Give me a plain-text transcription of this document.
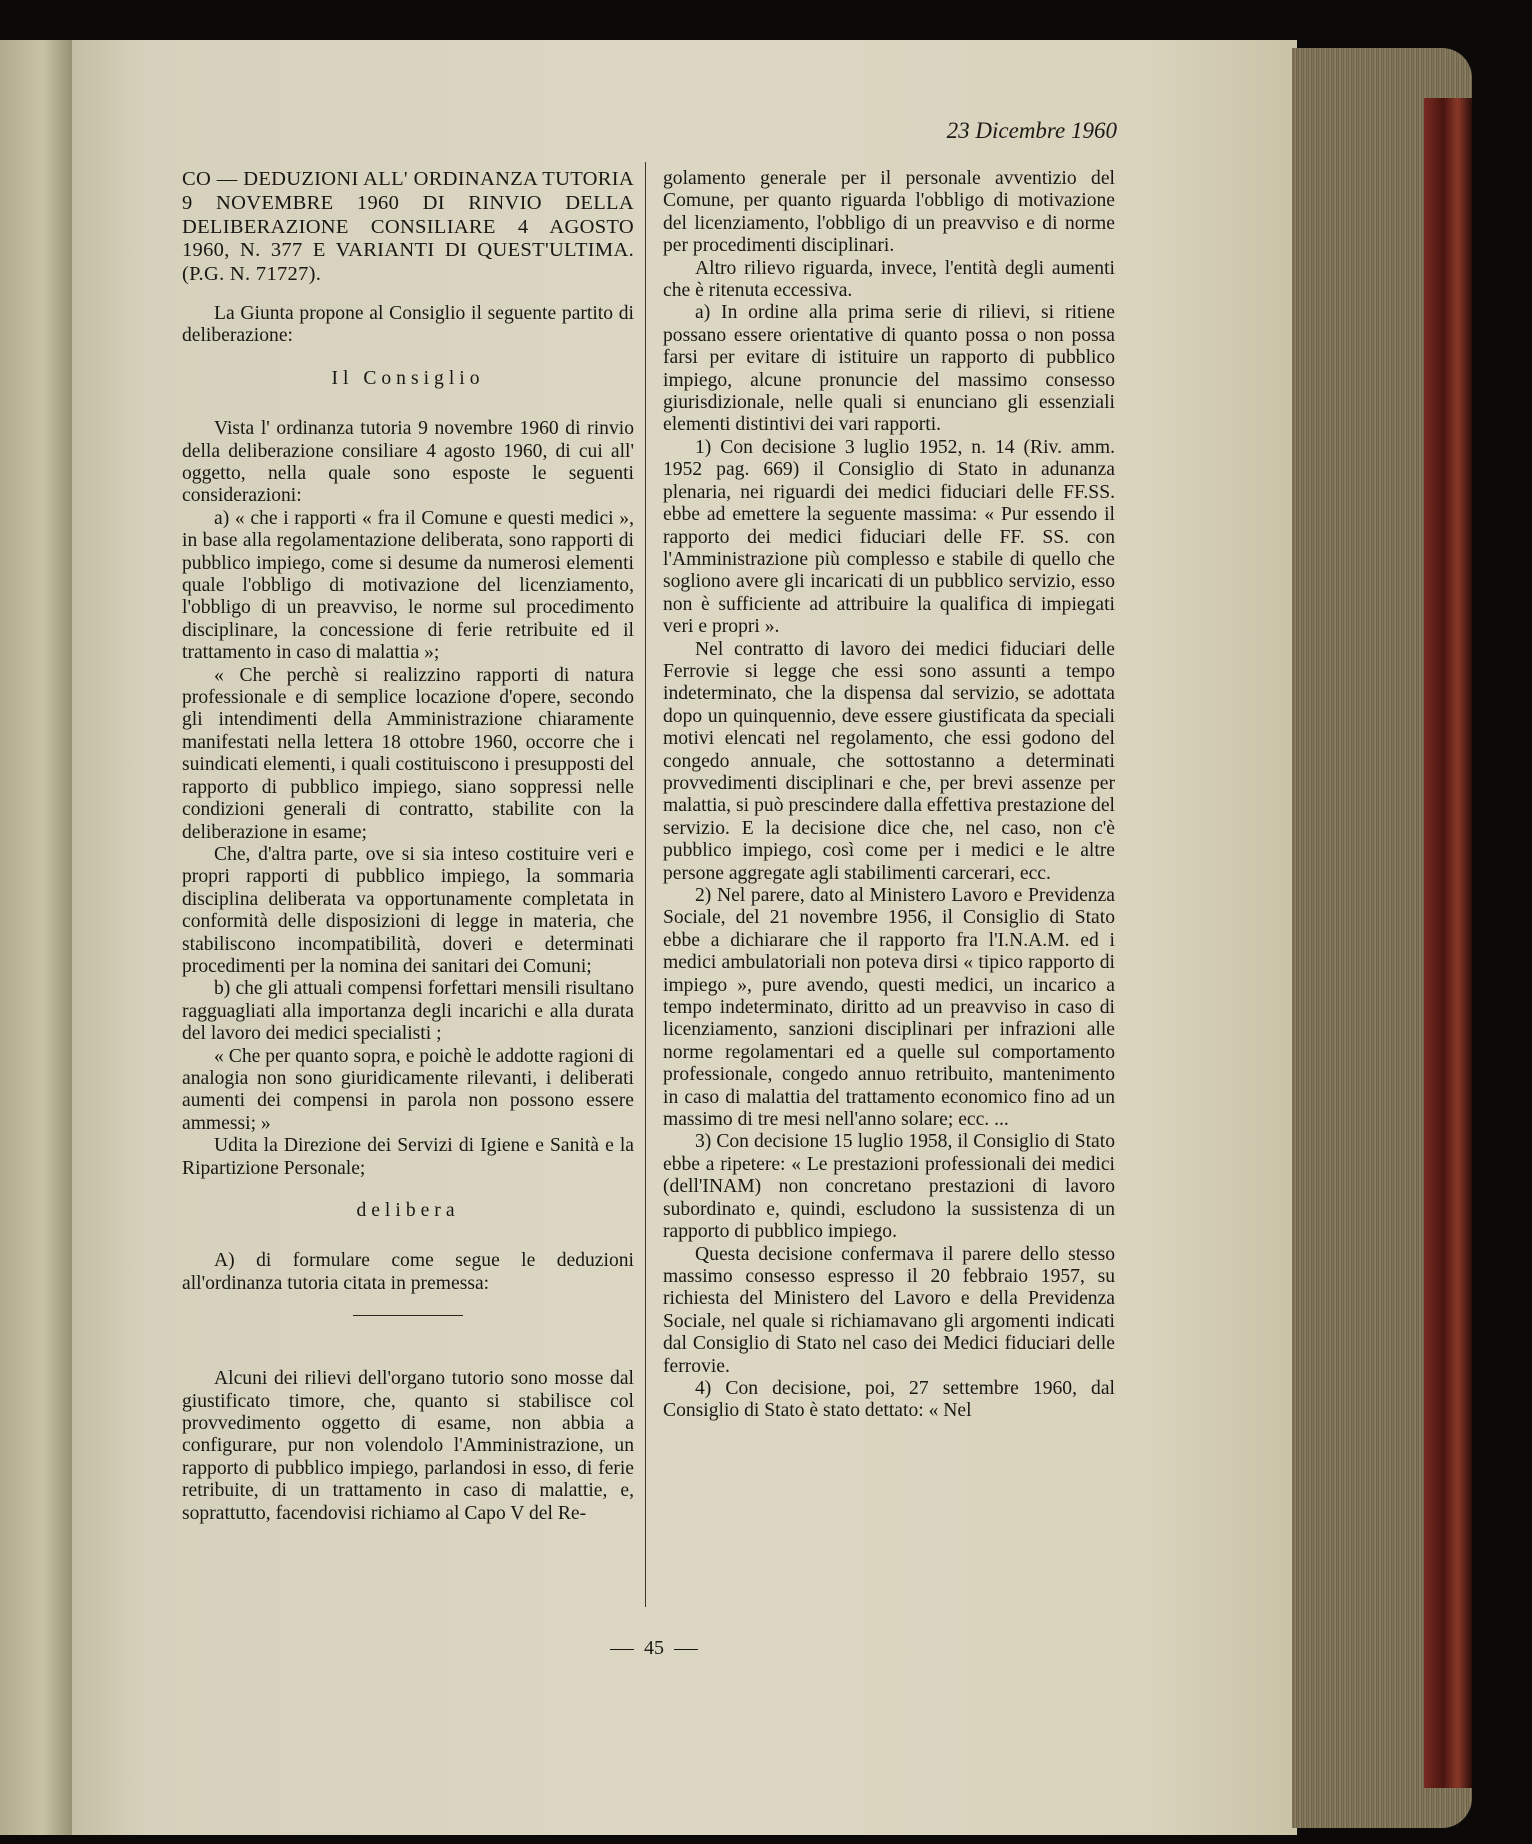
23 Dicembre 1960

CO — DEDUZIONI ALL' ORDINANZA TUTORIA 9 NOVEMBRE 1960 DI RINVIO DELLA DELIBERAZIONE CONSILIARE 4 AGOSTO 1960, N. 377 E VARIANTI DI QUEST'ULTIMA. (P.G. N. 71727).

La Giunta propone al Consiglio il seguente partito di deliberazione:

Il Consiglio

Vista l' ordinanza tutoria 9 novembre 1960 di rinvio della deliberazione consiliare 4 agosto 1960, di cui all' oggetto, nella quale sono esposte le seguenti considerazioni:

a) « che i rapporti « fra il Comune e questi medici », in base alla regolamentazione deliberata, sono rapporti di pubblico impiego, come si desume da numerosi elementi quale l'obbligo di motivazione del licenziamento, l'obbligo di un preavviso, le norme sul procedimento disciplinare, la concessione di ferie retribuite ed il trattamento in caso di malattia »;

« Che perchè si realizzino rapporti di natura professionale e di semplice locazione d'opere, secondo gli intendimenti della Amministrazione chiaramente manifestati nella lettera 18 ottobre 1960, occorre che i suindicati elementi, i quali costituiscono i presupposti del rapporto di pubblico impiego, siano soppressi nelle condizioni generali di contratto, stabilite con la deliberazione in esame;

Che, d'altra parte, ove si sia inteso costituire veri e propri rapporti di pubblico impiego, la sommaria disciplina deliberata va opportunamente completata in conformità delle disposizioni di legge in materia, che stabiliscono incompatibilità, doveri e determinati procedimenti per la nomina dei sanitari dei Comuni;

b) che gli attuali compensi forfettari mensili risultano ragguagliati alla importanza degli incarichi e alla durata del lavoro dei medici specialisti ;

« Che per quanto sopra, e poichè le addotte ragioni di analogia non sono giuridicamente rilevanti, i deliberati aumenti dei compensi in parola non possono essere ammessi; »

Udita la Direzione dei Servizi di Igiene e Sanità e la Ripartizione Personale;

delibera

A) di formulare come segue le deduzioni all'ordinanza tutoria citata in premessa:

Alcuni dei rilievi dell'organo tutorio sono mosse dal giustificato timore, che, quanto si stabilisce col provvedimento oggetto di esame, non abbia a configurare, pur non volendolo l'Amministrazione, un rapporto di pubblico impiego, parlandosi in esso, di ferie retribuite, di un trattamento in caso di malattie, e, soprattutto, facendovisi richiamo al Capo V del Re-

golamento generale per il personale avventizio del Comune, per quanto riguarda l'obbligo di motivazione del licenziamento, l'obbligo di un preavviso e di norme per procedimenti disciplinari.

Altro rilievo riguarda, invece, l'entità degli aumenti che è ritenuta eccessiva.

a) In ordine alla prima serie di rilievi, si ritiene possano essere orientative di quanto possa o non possa farsi per evitare di istituire un rapporto di pubblico impiego, alcune pronuncie del massimo consesso giurisdizionale, nelle quali si enunciano gli essenziali elementi distintivi dei vari rapporti.

1) Con decisione 3 luglio 1952, n. 14 (Riv. amm. 1952 pag. 669) il Consiglio di Stato in adunanza plenaria, nei riguardi dei medici fiduciari delle FF.SS. ebbe ad emettere la seguente massima: « Pur essendo il rapporto dei medici fiduciari delle FF. SS. con l'Amministrazione più complesso e stabile di quello che sogliono avere gli incaricati di un pubblico servizio, esso non è sufficiente ad attribuire la qualifica di impiegati veri e propri ».

Nel contratto di lavoro dei medici fiduciari delle Ferrovie si legge che essi sono assunti a tempo indeterminato, che la dispensa dal servizio, se adottata dopo un quinquennio, deve essere giustificata da speciali motivi elencati nel regolamento, che essi godono del congedo annuale, che sottostanno a determinati provvedimenti disciplinari e che, per brevi assenze per malattia, si può prescindere dalla effettiva prestazione del servizio. E la decisione dice che, nel caso, non c'è pubblico impiego, così come per i medici e le altre persone aggregate agli stabilimenti carcerari, ecc.

2) Nel parere, dato al Ministero Lavoro e Previdenza Sociale, del 21 novembre 1956, il Consiglio di Stato ebbe a dichiarare che il rapporto fra l'I.N.A.M. ed i medici ambulatoriali non poteva dirsi « tipico rapporto di impiego », pure avendo, questi medici, un incarico a tempo indeterminato, diritto ad un preavviso in caso di licenziamento, sanzioni disciplinari per infrazioni alle norme regolamentari ed a quelle sul comportamento professionale, congedo annuo retribuito, mantenimento in caso di malattia del trattamento economico fino ad un massimo di tre mesi nell'anno solare; ecc. ...

3) Con decisione 15 luglio 1958, il Consiglio di Stato ebbe a ripetere: « Le prestazioni professionali dei medici (dell'INAM) non concretano prestazioni di lavoro subordinato e, quindi, escludono la sussistenza di un rapporto di pubblico impiego.

Questa decisione confermava il parere dello stesso massimo consesso espresso il 20 febbraio 1957, su richiesta del Ministero del Lavoro e della Previdenza Sociale, nel quale si richiamavano gli argomenti indicati dal Consiglio di Stato nel caso dei Medici fiduciari delle ferrovie.

4) Con decisione, poi, 27 settembre 1960, dal Consiglio di Stato è stato dettato: « Nel

45
